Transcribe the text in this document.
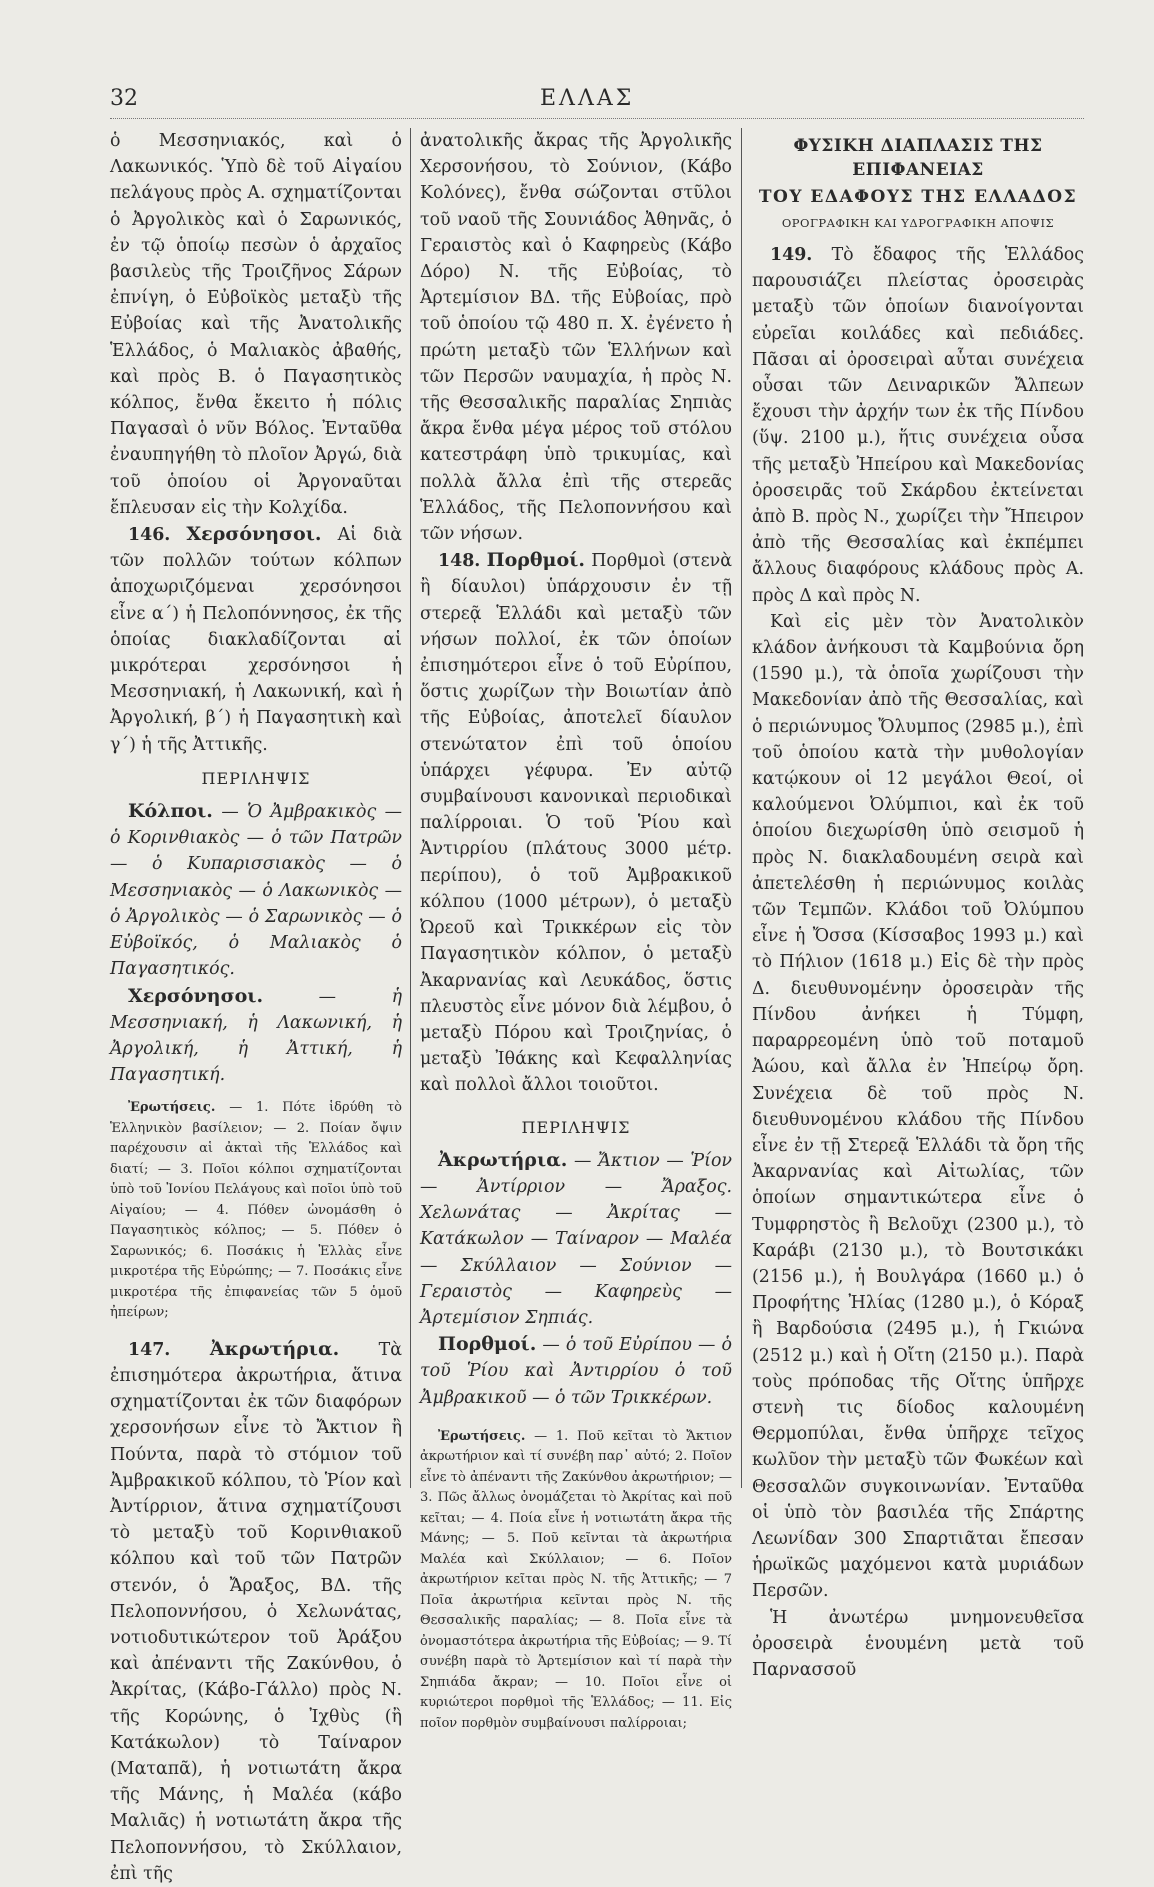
32	ΕΛΛΑΣ

ὁ Μεσσηνιακός, καὶ ὁ Λακωνικός. Ὑπὸ δὲ τοῦ Αἰγαίου πελάγους πρὸς Α. σχηματίζονται ὁ Ἀργολικὸς καὶ ὁ Σαρωνικός, ἐν τῷ ὁποίῳ πεσὼν ὁ ἀρχαῖος βασιλεὺς τῆς Τροιζῆνος Σάρων ἐπνίγη, ὁ Εὐβοϊκὸς μεταξὺ τῆς Εὐβοίας καὶ τῆς Ἀνατολικῆς Ἑλλάδος, ὁ Μαλιακὸς ἀβαθής, καὶ πρὸς Β. ὁ Παγασητικὸς κόλπος, ἔνθα ἔκειτο ἡ πόλις Παγασαὶ ὁ νῦν Βόλος. Ἐνταῦθα ἐναυπηγήθη τὸ πλοῖον Ἀργώ, διὰ τοῦ ὁποίου οἱ Ἀργοναῦται ἔπλευσαν εἰς τὴν Κολχίδα.

146. Χερσόνησοι. Αἱ διὰ τῶν πολλῶν τούτων κόλπων ἀποχωριζόμεναι χερσόνησοι εἶνε α΄) ἡ Πελοπόννησος, ἐκ τῆς ὁποίας διακλαδίζονται αἱ μικρότεραι χερσόνησοι ἡ Μεσσηνιακή, ἡ Λακωνική, καὶ ἡ Ἀργολική, β΄) ἡ Παγασητικὴ καὶ γ΄) ἡ τῆς Ἀττικῆς.

ΠΕΡΙΛΗΨΙΣ

Κόλποι. — Ὁ Ἀμβρακικὸς — ὁ Κορινθιακὸς — ὁ τῶν Πατρῶν — ὁ Κυπαρισσιακὸς — ὁ Μεσσηνιακὸς — ὁ Λακωνικὸς — ὁ Ἀργολικὸς — ὁ Σαρωνικὸς — ὁ Εὐβοϊκός, ὁ Μαλιακὸς ὁ Παγασητικός.

Χερσόνησοι.	— ἡ Μεσσηνιακή, ἡ Λακωνική, ἡ Ἀργολική, ἡ Ἀττική, ἡ Παγασητική.

Ἐρωτήσεις. — 1. Πότε ἱδρύθη τὸ Ἑλληνικὸν βασίλειον; — 2. Ποίαν ὄψιν παρέχουσιν αἱ ἀκταὶ τῆς Ἑλλάδος καὶ διατί; — 3. Ποῖοι κόλποι σχηματίζονται ὑπὸ τοῦ Ἰονίου Πελάγους καὶ ποῖοι ὑπὸ τοῦ Αἰγαίου; — 4. Πόθεν ὠνομάσθη ὁ Παγασητικὸς κόλπος; — 5. Πόθεν ὁ Σαρωνικός; 6. Ποσάκις ἡ Ἑλλὰς εἶνε μικροτέρα τῆς Εὐρώπης; — 7. Ποσάκις εἶνε μικροτέρα τῆς ἐπιφανείας τῶν 5 ὁμοῦ ἠπείρων;

147. Ἀκρωτήρια. Τὰ ἐπισημότερα ἀκρωτήρια, ἅτινα σχηματίζονται ἐκ τῶν διαφόρων χερσονήσων εἶνε τὸ Ἄκτιον ἢ Πούντα, παρὰ τὸ στόμιον τοῦ Ἀμβρακικοῦ κόλπου, τὸ Ῥίον καὶ Ἀντίρριον, ἅτινα σχηματίζουσι τὸ μεταξὺ τοῦ Κορινθιακοῦ κόλπου καὶ τοῦ τῶν Πατρῶν στενόν, ὁ Ἄραξος, ΒΔ. τῆς Πελοποννήσου, ὁ Χελωνάτας, νοτιοδυτικώτερον τοῦ Ἀράξου καὶ ἀπέναντι τῆς Ζακύνθου, ὁ Ἀκρίτας, (Κάβο-Γάλλο) πρὸς Ν. τῆς Κορώνης, ὁ Ἰχθὺς (ἢ Κατάκωλον) τὸ Ταίναρον (Ματαπᾶ), ἡ νοτιωτάτη ἄκρα τῆς Μάνης, ἡ Μαλέα (κάβο Μαλιᾶς) ἡ νοτιωτάτη ἄκρα τῆς Πελοποννήσου, τὸ Σκύλλαιον, ἐπὶ τῆς

ἀνατολικῆς ἄκρας τῆς Ἀργολικῆς Χερσονήσου, τὸ Σούνιον, (Κάβο Κολόνες), ἔνθα σώζονται στῦλοι τοῦ ναοῦ τῆς Σουνιάδος Ἀθηνᾶς, ὁ Γεραιστὸς καὶ ὁ Καφηρεὺς (Κάβο Δόρο) Ν. τῆς Εὐβοίας, τὸ Ἀρτεμίσιον ΒΔ. τῆς Εὐβοίας, πρὸ τοῦ ὁποίου τῷ 480 π. Χ. ἐγένετο ἡ πρώτη μεταξὺ τῶν Ἑλλήνων καὶ τῶν Περσῶν ναυμαχία, ἡ πρὸς Ν. τῆς Θεσσαλικῆς παραλίας Σηπιὰς ἄκρα ἔνθα μέγα μέρος τοῦ στόλου κατεστράφη ὑπὸ τρικυμίας, καὶ πολλὰ ἄλλα ἐπὶ τῆς στερεᾶς Ἑλλάδος, τῆς Πελοποννήσου καὶ τῶν νήσων.

148. Πορθμοί. Πορθμοὶ (στενὰ ἢ δίαυλοι) ὑπάρχουσιν ἐν τῇ στερεᾷ Ἑλλάδι καὶ μεταξὺ τῶν νήσων πολλοί, ἐκ τῶν ὁποίων ἐπισημότεροι εἶνε ὁ τοῦ Εὐρίπου, ὅστις χωρίζων τὴν Βοιωτίαν ἀπὸ τῆς Εὐβοίας, ἀποτελεῖ δίαυλον στενώτατον ἐπὶ τοῦ ὁποίου ὑπάρχει γέφυρα. Ἐν αὐτῷ συμβαίνουσι κανονικαὶ περιοδικαὶ παλίρροιαι. Ὁ τοῦ Ῥίου καὶ Ἀντιρρίου (πλάτους 3000 μέτρ. περίπου), ὁ τοῦ Ἀμβρακικοῦ κόλπου (1000 μέτρων), ὁ μεταξὺ Ὠρεοῦ καὶ Τρικκέρων εἰς τὸν Παγασητικὸν κόλπον, ὁ μεταξὺ Ἀκαρνανίας καὶ Λευκάδος, ὅστις πλευστὸς εἶνε μόνον διὰ λέμβου, ὁ μεταξὺ Πόρου καὶ Τροιζηνίας, ὁ μεταξὺ Ἰθάκης καὶ Κεφαλληνίας καὶ πολλοὶ ἄλλοι τοιοῦτοι.

ΠΕΡΙΛΗΨΙΣ

Ἀκρωτήρια. — Ἄκτιον — Ῥίον — Ἀντίρριον — Ἄραξος. Χελωνάτας — Ἀκρίτας — Κατάκωλον — Ταίναρον — Μαλέα — Σκύλλαιον — Σούνιον — Γεραιστὸς — Καφηρεὺς — Ἀρτεμίσιον Σηπιάς.

Πορθμοί. — ὁ τοῦ Εὐρίπου — ὁ τοῦ Ῥίου καὶ Ἀντιρρίου ὁ τοῦ Ἀμβρακικοῦ — ὁ τῶν Τρικκέρων.

Ἐρωτήσεις. — 1. Ποῦ κεῖται τὸ Ἄκτιον ἀκρωτήριον καὶ τί συνέβη παρ᾽ αὐτό; 2. Ποῖον εἶνε τὸ ἀπέναντι τῆς Ζακύνθου ἀκρωτήριον; — 3. Πῶς ἄλλως ὀνομάζεται τὸ Ἀκρίτας καὶ ποῦ κεῖται; — 4. Ποία εἶνε ἡ νοτιωτάτη ἄκρα τῆς Μάνης; — 5. Ποῦ κεῖνται τὰ ἀκρωτήρια Μαλέα καὶ Σκύλλαιον; — 6. Ποῖον ἀκρωτήριον κεῖται πρὸς Ν. τῆς Ἀττικῆς; — 7 Ποῖα ἀκρωτήρια κεῖνται πρὸς Ν. τῆς Θεσσαλικῆς παραλίας; — 8. Ποῖα εἶνε τὰ ὀνομαστότερα ἀκρωτήρια τῆς Εὐβοίας; — 9. Τί συνέβη παρὰ τὸ Ἀρτεμίσιον καὶ τί παρὰ τὴν Σηπιάδα ἄκραν; — 10. Ποῖοι εἶνε οἱ κυριώτεροι πορθμοὶ τῆς Ἑλλάδος; — 11. Εἰς ποῖον πορθμὸν συμβαίνουσι παλίρροιαι;

ΦΥΣΙΚΗ ΔΙΑΠΛΑΣΙΣ ΤΗΣ ΕΠΙΦΑΝΕΙΑΣ
ΤΟΥ ΕΔΑΦΟΥΣ ΤΗΣ ΕΛΛΑΔΟΣ
ΟΡΟΓΡΑΦΙΚΗ ΚΑΙ ΥΔΡΟΓΡΑΦΙΚΗ ΑΠΟΨΙΣ

149. Τὸ ἔδαφος τῆς Ἑλλάδος παρουσιάζει πλείστας ὀροσειρὰς μεταξὺ τῶν ὁποίων διανοίγονται εὐρεῖαι κοιλάδες καὶ πεδιάδες. Πᾶσαι αἱ ὀροσειραὶ αὗται συνέχεια οὖσαι τῶν Δειναρικῶν Ἄλπεων ἔχουσι τὴν ἀρχήν των ἐκ τῆς Πίνδου (ὕψ. 2100 μ.), ἥτις συνέχεια οὖσα τῆς μεταξὺ Ἠπείρου καὶ Μακεδονίας ὀροσειρᾶς τοῦ Σκάρδου ἐκτείνεται ἀπὸ Β. πρὸς Ν., χωρίζει τὴν Ἤπειρον ἀπὸ τῆς Θεσσαλίας καὶ ἐκπέμπει ἄλλους διαφόρους κλάδους πρὸς Α. πρὸς Δ καὶ πρὸς Ν.

Καὶ εἰς μὲν τὸν Ἀνατολικὸν κλάδον ἀνήκουσι τὰ Καμβούνια ὄρη (1590 μ.), τὰ ὁποῖα χωρίζουσι τὴν Μακεδονίαν ἀπὸ τῆς Θεσσαλίας, καὶ ὁ περιώνυμος Ὄλυμπος (2985 μ.), ἐπὶ τοῦ ὁποίου κατὰ τὴν μυθολογίαν κατῴκουν οἱ 12 μεγάλοι Θεοί, οἱ καλούμενοι Ὀλύμπιοι, καὶ ἐκ τοῦ ὁποίου διεχωρίσθη ὑπὸ σεισμοῦ ἡ πρὸς Ν. διακλαδουμένη σειρὰ καὶ ἀπετελέσθη ἡ περιώνυμος κοιλὰς τῶν Τεμπῶν. Κλάδοι τοῦ Ὀλύμπου εἶνε ἡ Ὄσσα (Κίσσαβος 1993 μ.) καὶ τὸ Πήλιον (1618 μ.) Εἰς δὲ τὴν πρὸς Δ. διευθυνομένην ὀροσειρὰν τῆς Πίνδου ἀνήκει ἡ Τύμφη, παραρρεομένη ὑπὸ τοῦ ποταμοῦ Ἀώου, καὶ ἄλλα ἐν Ἠπείρῳ ὄρη. Συνέχεια δὲ τοῦ πρὸς Ν. διευθυνομένου κλάδου τῆς Πίνδου εἶνε ἐν τῇ Στερεᾷ Ἑλλάδι τὰ ὄρη τῆς Ἀκαρνανίας καὶ Αἰτωλίας, τῶν ὁποίων σημαντικώτερα εἶνε ὁ Τυμφρηστὸς ἢ Βελοῦχι (2300 μ.), τὸ Καράβι (2130 μ.), τὸ Βουτσικάκι (2156 μ.), ἡ Βουλγάρα (1660 μ.) ὁ Προφήτης Ἠλίας (1280 μ.), ὁ Κόραξ ἢ Βαρδούσια (2495 μ.), ἡ Γκιώνα (2512 μ.) καὶ ἡ Οἴτη (2150 μ.). Παρὰ τοὺς πρόποδας τῆς Οἴτης ὑπῆρχε στενὴ τις δίοδος καλουμένη Θερμοπύλαι, ἔνθα ὑπῆρχε τεῖχος κωλῦον τὴν μεταξὺ τῶν Φωκέων καὶ Θεσσαλῶν συγκοινωνίαν. Ἐνταῦθα οἱ ὑπὸ τὸν βασιλέα τῆς Σπάρτης Λεωνίδαν 300 Σπαρτιᾶται ἔπεσαν ἡρωϊκῶς μαχόμενοι κατὰ μυριάδων Περσῶν.

Ἡ ἀνωτέρω μνημονευθεῖσα ὀροσειρὰ ἑνουμένη μετὰ τοῦ Παρνασσοῦ
